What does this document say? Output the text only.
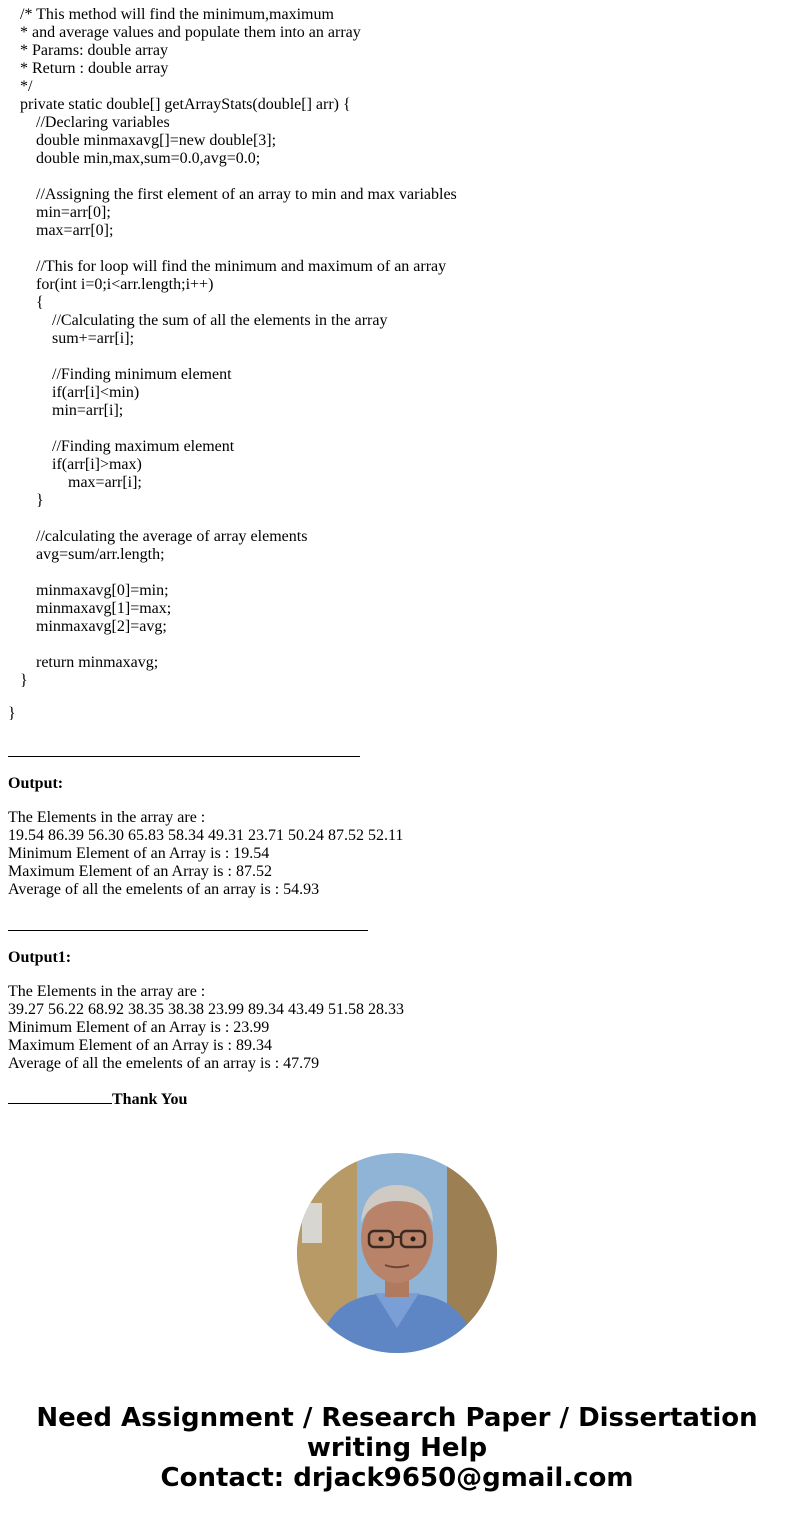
/* This method will find the minimum,maximum
* and average values and populate them into an array
* Params: double array
* Return : double array
*/
private static double[] getArrayStats(double[] arr) {
//Declaring variables
double minmaxavg[]=new double[3];
double min,max,sum=0.0,avg=0.0;
//Assigning the first element of an array to min and max variables
min=arr[0];
max=arr[0];
//This for loop will find the minimum and maximum of an array
for(int i=0;i<arr.length;i++)
{
//Calculating the sum of all the elements in the array
sum+=arr[i];
//Finding minimum element
if(arr[i]<min)
min=arr[i];
//Finding maximum element
if(arr[i]>max)
max=arr[i];
}
//calculating the average of array elements
avg=sum/arr.length;
minmaxavg[0]=min;
minmaxavg[1]=max;
minmaxavg[2]=avg;
return minmaxavg;
}
}
Output:
The Elements in the array are :
19.54 86.39 56.30 65.83 58.34 49.31 23.71 50.24 87.52 52.11
Minimum Element of an Array is : 19.54
Maximum Element of an Array is : 87.52
Average of all the emelents of an array is : 54.93
Output1:
The Elements in the array are :
39.27 56.22 68.92 38.35 38.38 23.99 89.34 43.49 51.58 28.33
Minimum Element of an Array is : 23.99
Maximum Element of an Array is : 89.34
Average of all the emelents of an array is : 47.79
Thank You
Need Assignment / Research Paper / Dissertation
writing Help
Contact: drjack9650@gmail.com
